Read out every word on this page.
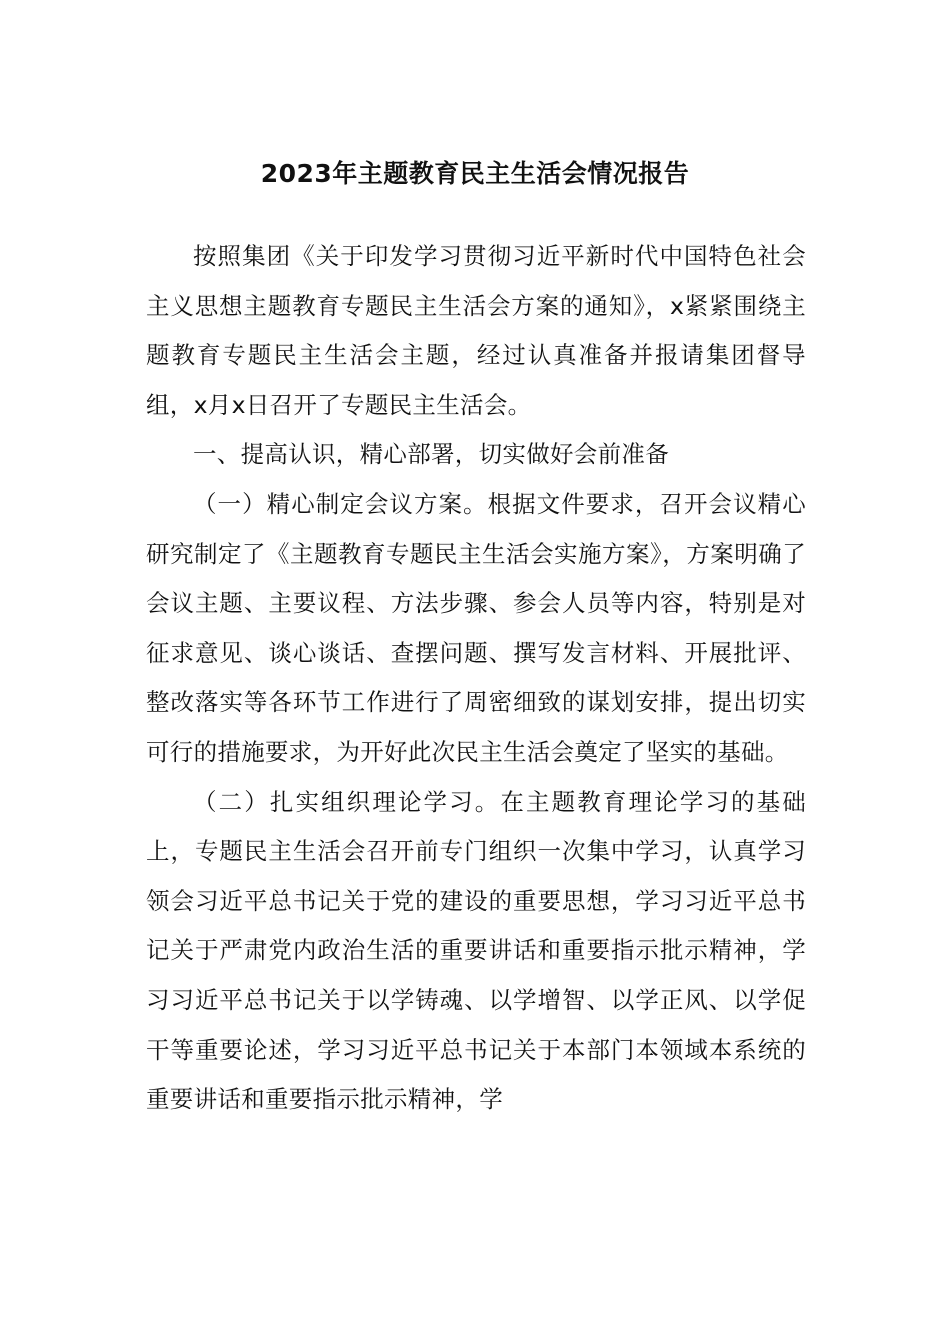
2023年主题教育民主生活会情况报告

按照集团《关于印发学习贯彻习近平新时代中国特色社会主义思想主题教育专题民主生活会方案的通知》，x紧紧围绕主题教育专题民主生活会主题，经过认真准备并报请集团督导组，x月x日召开了专题民主生活会。

一、提高认识，精心部署，切实做好会前准备

（一）精心制定会议方案。根据文件要求，召开会议精心研究制定了《主题教育专题民主生活会实施方案》，方案明确了会议主题、主要议程、方法步骤、参会人员等内容，特别是对征求意见、谈心谈话、查摆问题、撰写发言材料、开展批评、整改落实等各环节工作进行了周密细致的谋划安排，提出切实可行的措施要求，为开好此次民主生活会奠定了坚实的基础。

（二）扎实组织理论学习。在主题教育理论学习的基础上，专题民主生活会召开前专门组织一次集中学习，认真学习领会习近平总书记关于党的建设的重要思想，学习习近平总书记关于严肃党内政治生活的重要讲话和重要指示批示精神，学习习近平总书记关于以学铸魂、以学增智、以学正风、以学促干等重要论述，学习习近平总书记关于本部门本领域本系统的重要讲话和重要指示批示精神，学
